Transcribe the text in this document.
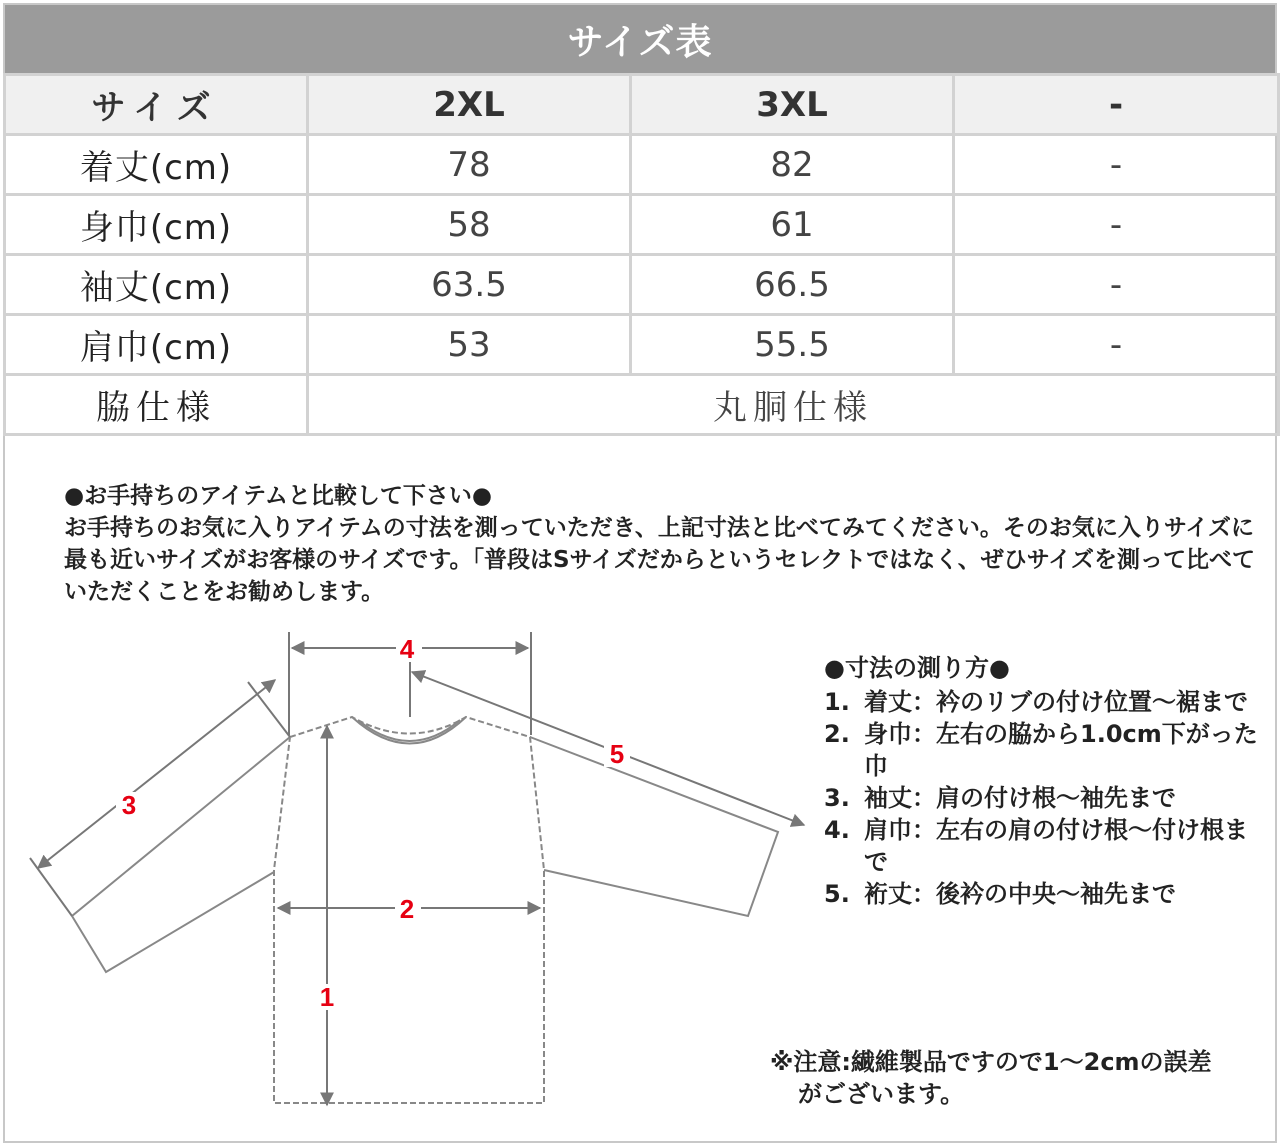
サイズ表
サイズ	2XL	3XL	-
着丈(cm)	78	82	-
身巾(cm)	58	61	-
袖丈(cm)	63.5	66.5	-
肩巾(cm)	53	55.5	-
脇仕様	丸胴仕様		

●お手持ちのアイテムと比較して下さい●

お手持ちのお気に入りアイテムの寸法を測っていただき、上記寸法と比べてみてください。そのお気に入りサイズに最も近いサイズがお客様のサイズです。「普段はSサイズだからというセレクトではなく、ぜひサイズを測って比べていただくことをお勧めします。

4
5
3
2
1
●寸法の測り方●
1. 着丈：衿のリブの付け位置～裾まで
2. 身巾：左右の脇から1.0cm下がった巾
3. 袖丈：肩の付け根～袖先まで
4. 肩巾：左右の肩の付け根～付け根まで
5. 裄丈：後衿の中央～袖先まで
※注意:繊維製品ですので1～2cmの誤差
がございます。
